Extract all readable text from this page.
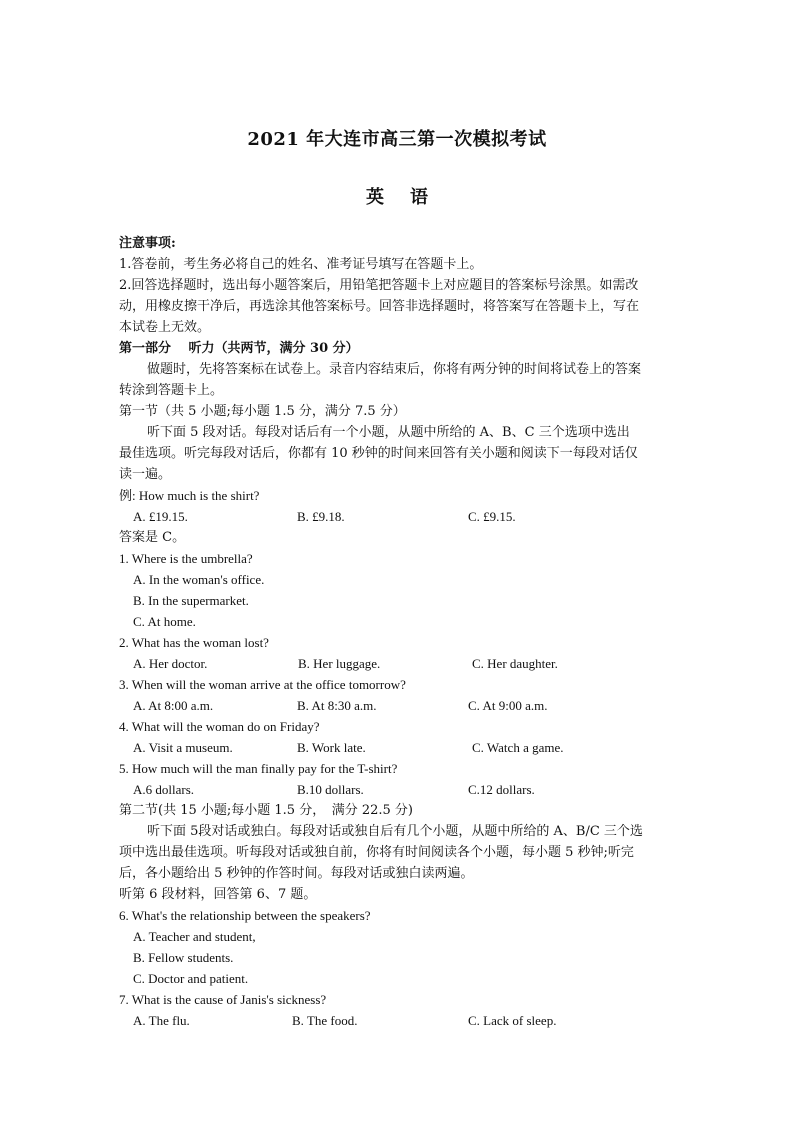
2021 年大连市高三第一次模拟考试
英语
注意事项:
1.答卷前，考生务必将自己的姓名、准考证号填写在答题卡上。
2.回答选择题时，选出每小题答案后，用铅笔把答题卡上对应题目的答案标号涂黑。如需改
动，用橡皮擦干净后，再选涂其他答案标号。回答非选择题时，将答案写在答题卡上，写在
本试卷上无效。
第一部分　 听力（共两节，满分 30 分）
做题时，先将答案标在试卷上。录音内容结束后，你将有两分钟的时间将试卷上的答案
转涂到答题卡上。
第一节（共 5 小题;每小题 1.5 分，满分 7.5 分）
听下面 5 段对话。每段对话后有一个小题，从题中所给的 A、B、C 三个选项中选出
最佳选项。听完每段对话后，你都有 10 秒钟的时间来回答有关小题和阅读下一每段对话仅
读一遍。
例: How much is the shirt?
A. £19.15.	B. £9.18.	C. £9.15.
答案是 C。
1. Where is the umbrella?
A. In the woman's office.
B. In the supermarket.
C. At home.
2. What has the woman lost?
A. Her doctor.	B. Her luggage.	C. Her daughter.
3. When will the woman arrive at the office tomorrow?
A. At 8:00 a.m.	B. At 8:30 a.m.	C. At 9:00 a.m.
4. What will the woman do on Friday?
A. Visit a museum.	B. Work late.	C. Watch a game.
5. How much will the man finally pay for the T-shirt?
A.6 dollars.	B.10 dollars.	C.12 dollars.
第二节(共 15 小题;每小题 1.5 分，　满分 22.5 分)
听下面 5段对话或独白。每段对话或独自后有几个小题，从题中所给的 A、B/C 三个选
项中选出最佳选项。听每段对话或独自前，你将有时间阅读各个小题，每小题 5 秒钟;听完
后，各小题给出 5 秒钟的作答时间。每段对话或独白读两遍。
听第 6 段材料，回答第 6、7 题。
6. What's the relationship between the speakers?
A. Teacher and student,
B. Fellow students.
C. Doctor and patient.
7. What is the cause of Janis's sickness?
A. The flu.	B. The food.	C. Lack of sleep.
